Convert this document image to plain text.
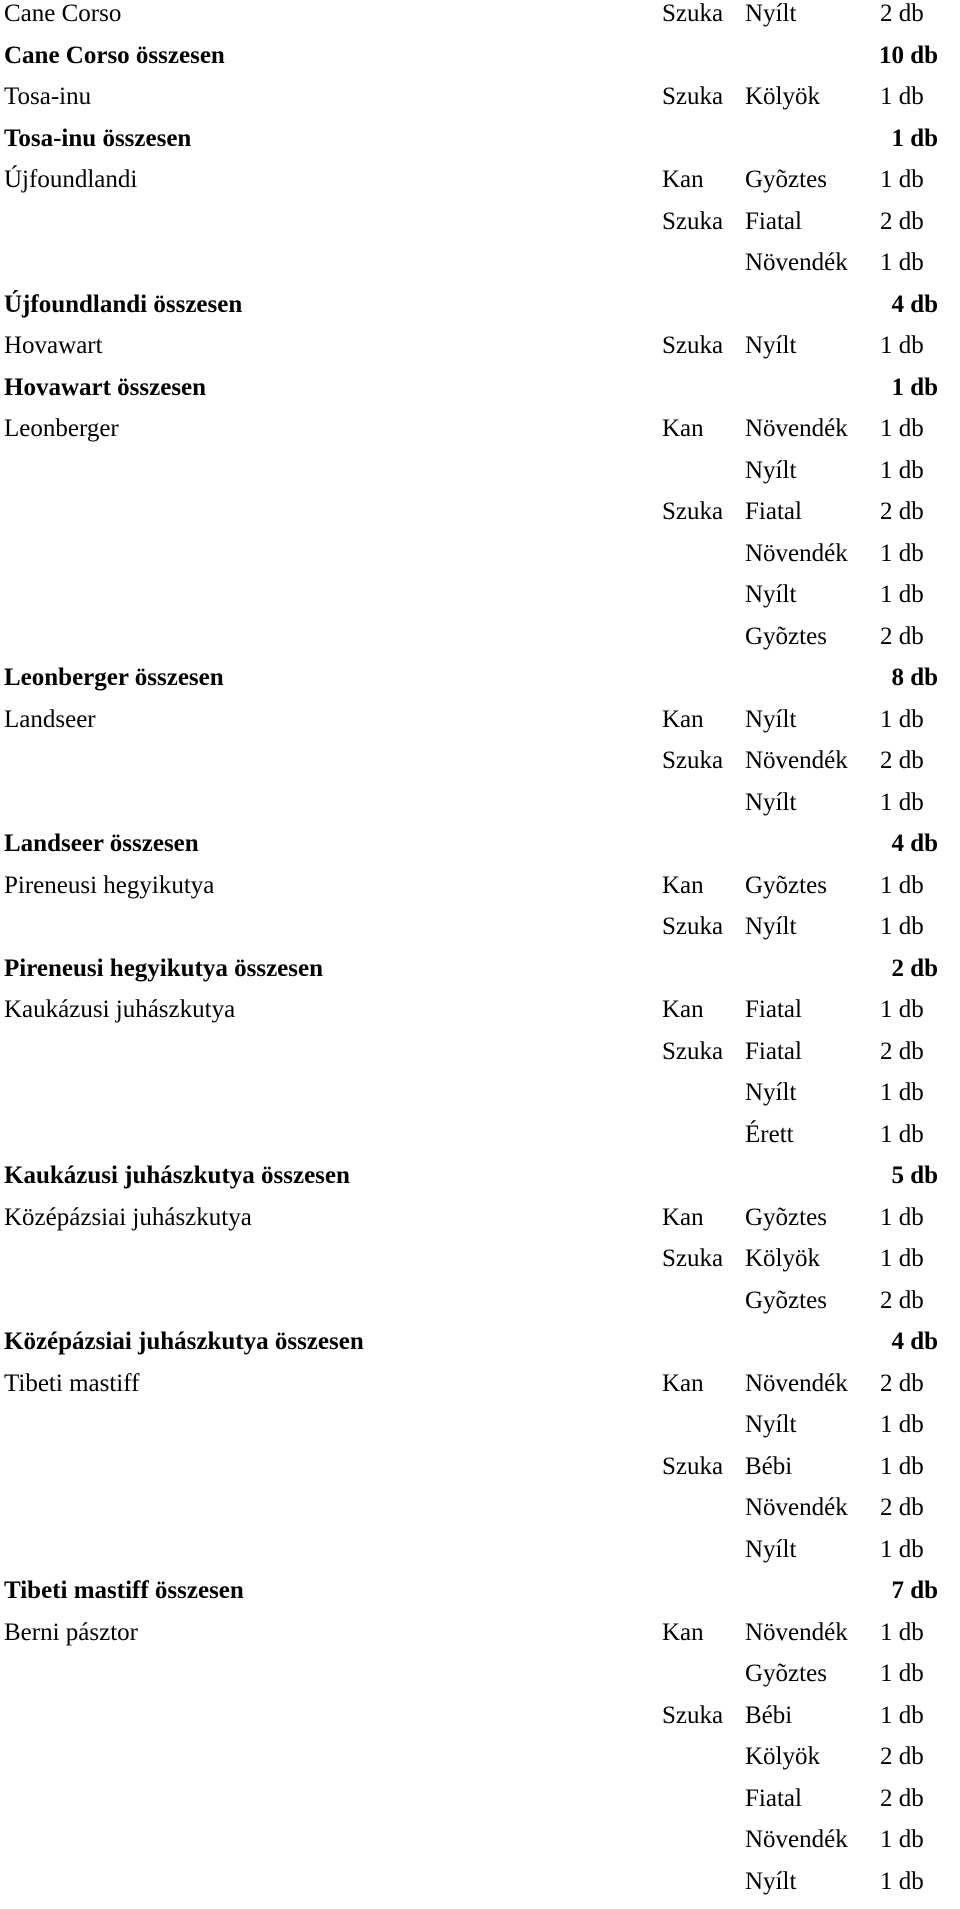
Cane Corso	Szuka Nyílt	2 db
Cane Corso összesen	10 db
Tosa-inu	Szuka Kölyök 1 db
Tosa-inu összesen	1 db
Újfoundlandi	Kan Gyõztes 1 db
Szuka Fiatal	2 db
Növendék 1 db
Újfoundlandi összesen	4 db
Hovawart	Szuka Nyílt	1 db
Hovawart összesen	1 db
Leonberger	Kan Növendék 1 db
Nyílt	1 db
Szuka Fiatal	2 db
Növendék 1 db
Nyílt	1 db
Gyõztes 2 db
Leonberger összesen	8 db
Landseer	Kan Nyílt	1 db
Szuka Növendék 2 db
Nyílt	1 db
Landseer összesen	4 db
Pireneusi hegyikutya	Kan Gyõztes 1 db
Szuka Nyílt	1 db
Pireneusi hegyikutya összesen	2 db
Kaukázusi juhászkutya	Kan Fiatal	1 db
Szuka Fiatal	2 db
Nyílt	1 db
Érett	1 db
Kaukázusi juhászkutya összesen	5 db
Középázsiai juhászkutya	Kan Gyõztes 1 db
Szuka Kölyök 1 db
Gyõztes 2 db
Középázsiai juhászkutya összesen	4 db
Tibeti mastiff	Kan Növendék 2 db
Nyílt	1 db
Szuka Bébi	1 db
Növendék 2 db
Nyílt	1 db
Tibeti mastiff összesen	7 db
Berni pásztor	Kan Növendék 1 db
Gyõztes 1 db
Szuka Bébi	1 db
Kölyök 2 db
Fiatal	2 db
Növendék 1 db
Nyílt	1 db
